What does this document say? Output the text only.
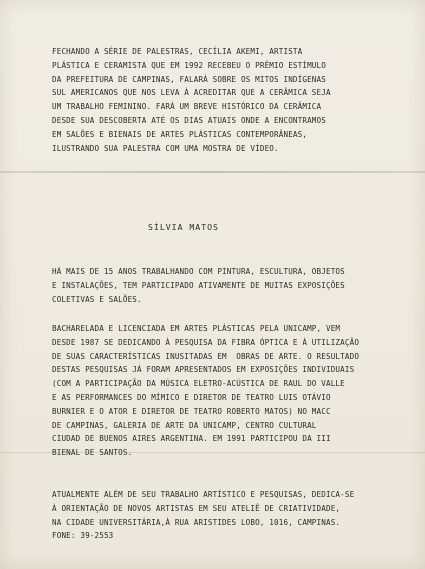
FECHANDO A SÉRIE DE PALESTRAS, CECÍLIA AKEMI, ARTISTA
PLÁSTICA E CERAMISTA QUE EM 1992 RECEBEU O PRÊMIO ESTÍMULO
DA PREFEITURA DE CAMPINAS, FALARÁ SOBRE OS MITOS INDÍGENAS
SUL AMERICANOS QUE NOS LEVA À ACREDITAR QUE A CERÂMICA SEJA
UM TRABALHO FEMININO. FARÁ UM BREVE HISTÓRICO DA CERÂMICA
DESDE SUA DESCOBERTA ATÉ OS DIAS ATUAIS ONDE A ENCONTRAMOS
EM SALÕES E BIENAIS DE ARTES PLÁSTICAS CONTEMPORÂNEAS,
ILUSTRANDO SUA PALESTRA COM UMA MOSTRA DE VÍDEO.
SÍLVIA MATOS
HÁ MAIS DE 15 ANOS TRABALHANDO COM PINTURA, ESCULTURA, OBJETOS
E INSTALAÇÕES, TEM PARTICIPADO ATIVAMENTE DE MUITAS EXPOSIÇÕES
COLETIVAS E SALÕES.
BACHARELADA E LICENCIADA EM ARTES PLÁSTICAS PELA UNICAMP, VEM
DESDE 1987 SE DEDICANDO À PESQUISA DA FIBRA ÓPTICA E À UTILIZAÇÃO
DE SUAS CARACTERÍSTICAS INUSITADAS EM  OBRAS DE ARTE. O RESULTADO
DESTAS PESQUISAS JÁ FORAM APRESENTADOS EM EXPOSIÇÕES INDIVIDUAIS
(COM A PARTICIPAÇÃO DA MÚSICA ELETRO-ACÚSTICA DE RAUL DO VALLE
E AS PERFORMANCES DO MÍMICO E DIRETOR DE TEATRO LUIS OTÁVIO
BURNIER E O ATOR E DIRETOR DE TEATRO ROBERTO MATOS) NO MACC
DE CAMPINAS, GALERIA DE ARTE DA UNICAMP, CENTRO CULTURAL
CIUDAD DE BUENOS AIRES ARGENTINA. EM 1991 PARTICIPOU DA III
BIENAL DE SANTOS.
ATUALMENTE ALÉM DE SEU TRABALHO ARTÍSTICO E PESQUISAS, DEDICA-SE
À ORIENTAÇÃO DE NOVOS ARTISTAS EM SEU ATELIÊ DE CRIATIVIDADE,
NA CIDADE UNIVERSITÁRIA,À RUA ARISTIDES LOBO, 1016, CAMPINAS.
FONE: 39-2553
